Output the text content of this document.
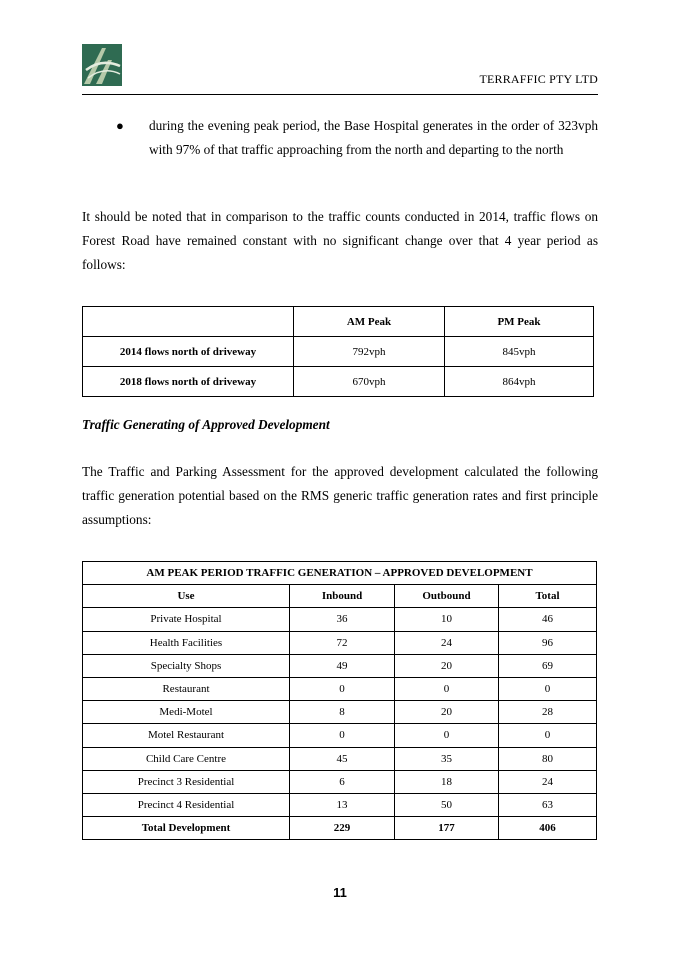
TERRAFFIC PTY LTD
● during the evening peak period, the Base Hospital generates in the order of 323vph with 97% of that traffic approaching from the north and departing to the north

It should be noted that in comparison to the traffic counts conducted in 2014, traffic flows on Forest Road have remained constant with no significant change over that 4 year period as follows:

	AM Peak	PM Peak
2014 flows north of driveway	792vph	845vph
2018 flows north of driveway	670vph	864vph

Traffic Generating of Approved Development

The Traffic and Parking Assessment for the approved development calculated the following traffic generation potential based on the RMS generic traffic generation rates and first principle assumptions:

AM PEAK PERIOD TRAFFIC GENERATION – APPROVED DEVELOPMENT			
Use	Inbound	Outbound	Total
Private Hospital	36	10	46
Health Facilities	72	24	96
Specialty Shops	49	20	69
Restaurant	0	0	0
Medi-Motel	8	20	28
Motel Restaurant	0	0	0
Child Care Centre	45	35	80
Precinct 3 Residential	6	18	24
Precinct 4 Residential	13	50	63
Total Development	229	177	406
11
